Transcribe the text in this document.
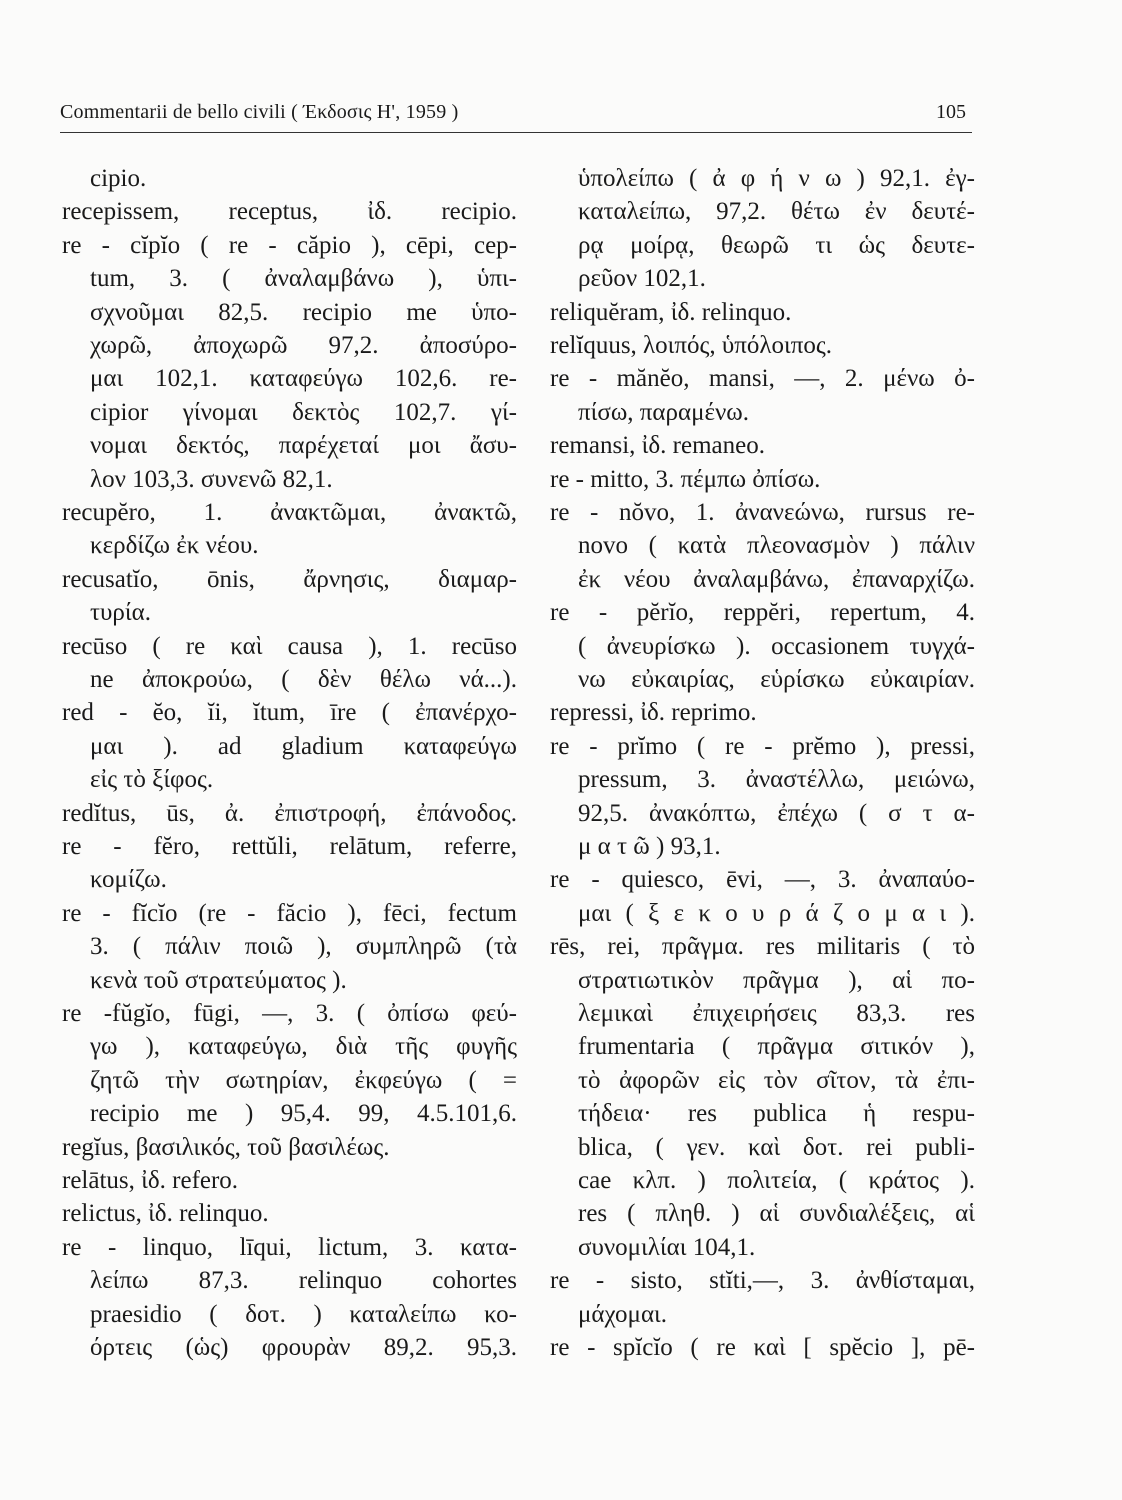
Commentarii de bello civili ( Έκδοσις Η', 1959 )	105
cipio.
recepissem, receptus, ἰδ. recipio.
re - cĭpĭo ( re - căpio ), cēpi, cep-
tum, 3. ( ἀναλαμβάνω ), ὑπι-
σχνοῦμαι 82,5. recipio me ὑπο-
χωρῶ, ἀποχωρῶ 97,2. ἀποσύρο-
μαι 102,1. καταφεύγω 102,6. re-
cipior γίνομαι δεκτὸς 102,7. γί-
νομαι δεκτός, παρέχεταί μοι ἄσυ-
λον 103,3. συνενῶ 82,1.
recupĕro, 1. ἀνακτῶμαι, ἀνακτῶ,
κερδίζω ἐκ νέου.
recusatĭo, ōnis, ἄρνησις, διαμαρ-
τυρία.
recūso ( re καὶ causa ), 1. recūso
ne ἀποκρούω, ( δὲν θέλω νά...).
red - ĕo, ĭi, ĭtum, īre ( ἐπανέρχο-
μαι ). ad gladium καταφεύγω
εἰς τὸ ξίφος.
redĭtus, ūs, ἀ. ἐπιστροφή, ἐπάνοδος.
re - fĕro, rettŭli, relātum, referre,
κομίζω.
re - fĭcĭo (re - făcio ), fēci, fectum
3. ( πάλιν ποιῶ ), συμπληρῶ (τὰ
κενὰ τοῦ στρατεύματος ).
re -fŭgĭo, fūgi, —, 3. ( ὀπίσω φεύ-
γω ), καταφεύγω, διὰ τῆς φυγῆς
ζητῶ τὴν σωτηρίαν, ἐκφεύγω ( =
recipio me ) 95,4. 99, 4.5.101,6.
regĭus, βασιλικός, τοῦ βασιλέως.
relātus, ἰδ. refero.
relictus, ἰδ. relinquo.
re - linquo, līqui, lictum, 3. κατα-
λείπω 87,3. relinquo cohortes
praesidio ( δοτ. ) καταλείπω κο-
όρτεις (ὡς) φρουρὰν 89,2. 95,3.
ὑπολείπω ( ἀ φ ή ν ω ) 92,1. ἐγ-
καταλείπω, 97,2. θέτω ἐν δευτέ-
ρᾳ μοίρᾳ, θεωρῶ τι ὡς δευτε-
ρεῦον 102,1.
reliquĕram, ἰδ. relinquo.
relĭquus, λοιπός, ὑπόλοιπος.
re - mănĕo, mansi, —, 2. μένω ὀ-
πίσω, παραμένω.
remansi, ἰδ. remaneo.
re - mitto, 3. πέμπω ὀπίσω.
re - nŏvo, 1. ἀνανεώνω, rursus re-
novo ( κατὰ πλεονασμὸν ) πάλιν
ἐκ νέου ἀναλαμβάνω, ἐπαναρχίζω.
re - pĕrĭo, reppĕri, repertum, 4.
( ἀνευρίσκω ). occasionem τυγχά-
νω εὐκαιρίας, εὑρίσκω εὐκαιρίαν.
repressi, ἰδ. reprimo.
re - prĭmo ( re - prĕmo ), pressi,
pressum, 3. ἀναστέλλω, μειώνω,
92,5. ἀνακόπτω, ἐπέχω ( σ τ α-
μ α τ ῶ ) 93,1.
re - quiesco, ēvi, —, 3. ἀναπαύο-
μαι ( ξ ε κ ο υ ρ ά ζ ο μ α ι ).
rēs, rei, πρᾶγμα. res militaris ( τὸ
στρατιωτικὸν πρᾶγμα ), αἱ πο-
λεμικαὶ ἐπιχειρήσεις 83,3. res
frumentaria ( πρᾶγμα σιτικόν ),
τὸ ἀφορῶν εἰς τὸν σῖτον, τὰ ἐπι-
τήδεια· res publica ἡ respu-
blica, ( γεν. καὶ δοτ. rei publi-
cae κλπ. ) πολιτεία, ( κράτος ).
res ( πληθ. ) αἱ συνδιαλέξεις, αἱ
συνομιλίαι 104,1.
re - sisto, stĭti,—, 3. ἀνθίσταμαι,
μάχομαι.
re - spĭcĭo ( re καὶ [ spĕcio ], pē-
